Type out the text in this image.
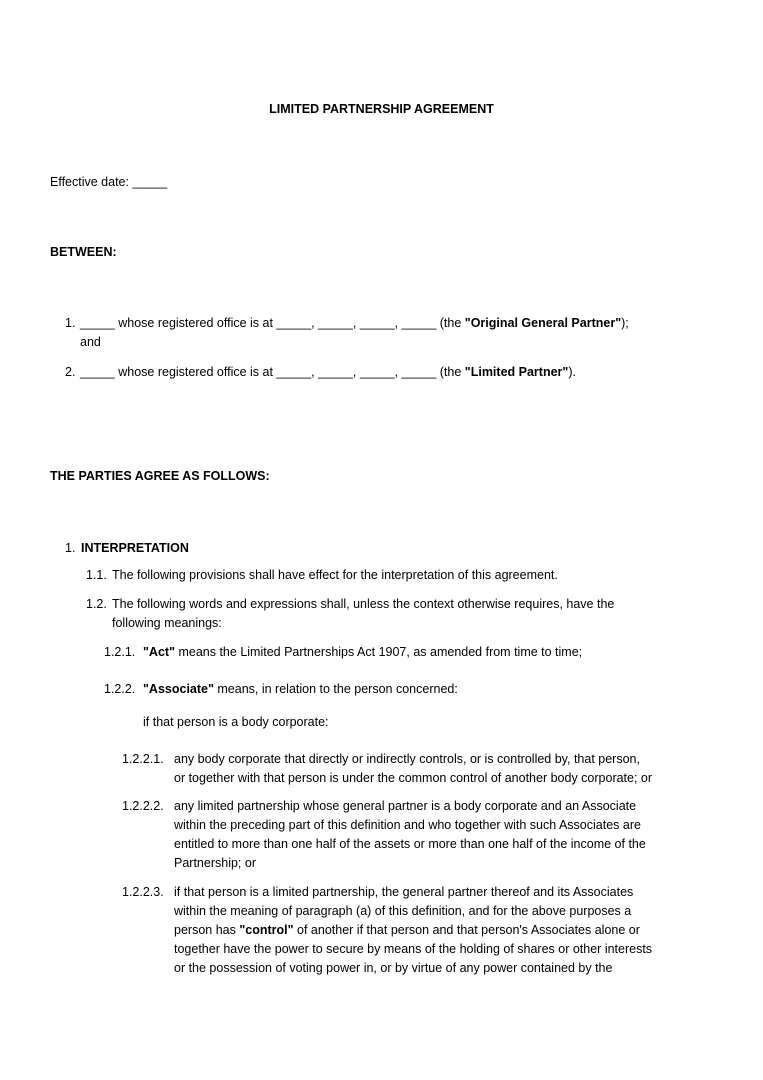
LIMITED PARTNERSHIP AGREEMENT
Effective date: _____
BETWEEN:
1. _____ whose registered office is at _____, _____, _____, _____ (the "Original General Partner");
and
2. _____ whose registered office is at _____, _____, _____, _____ (the "Limited Partner").
THE PARTIES AGREE AS FOLLOWS:
1. INTERPRETATION
1.1. The following provisions shall have effect for the interpretation of this agreement.
1.2. The following words and expressions shall, unless the context otherwise requires, have the
following meanings:
1.2.1. "Act" means the Limited Partnerships Act 1907, as amended from time to time;
1.2.2. "Associate" means, in relation to the person concerned:
if that person is a body corporate:
1.2.2.1. any body corporate that directly or indirectly controls, or is controlled by, that person,
or together with that person is under the common control of another body corporate; or
1.2.2.2. any limited partnership whose general partner is a body corporate and an Associate
within the preceding part of this definition and who together with such Associates are
entitled to more than one half of the assets or more than one half of the income of the
Partnership; or
1.2.2.3. if that person is a limited partnership, the general partner thereof and its Associates
within the meaning of paragraph (a) of this definition, and for the above purposes a
person has "control" of another if that person and that person's Associates alone or
together have the power to secure by means of the holding of shares or other interests
or the possession of voting power in, or by virtue of any power contained by the
